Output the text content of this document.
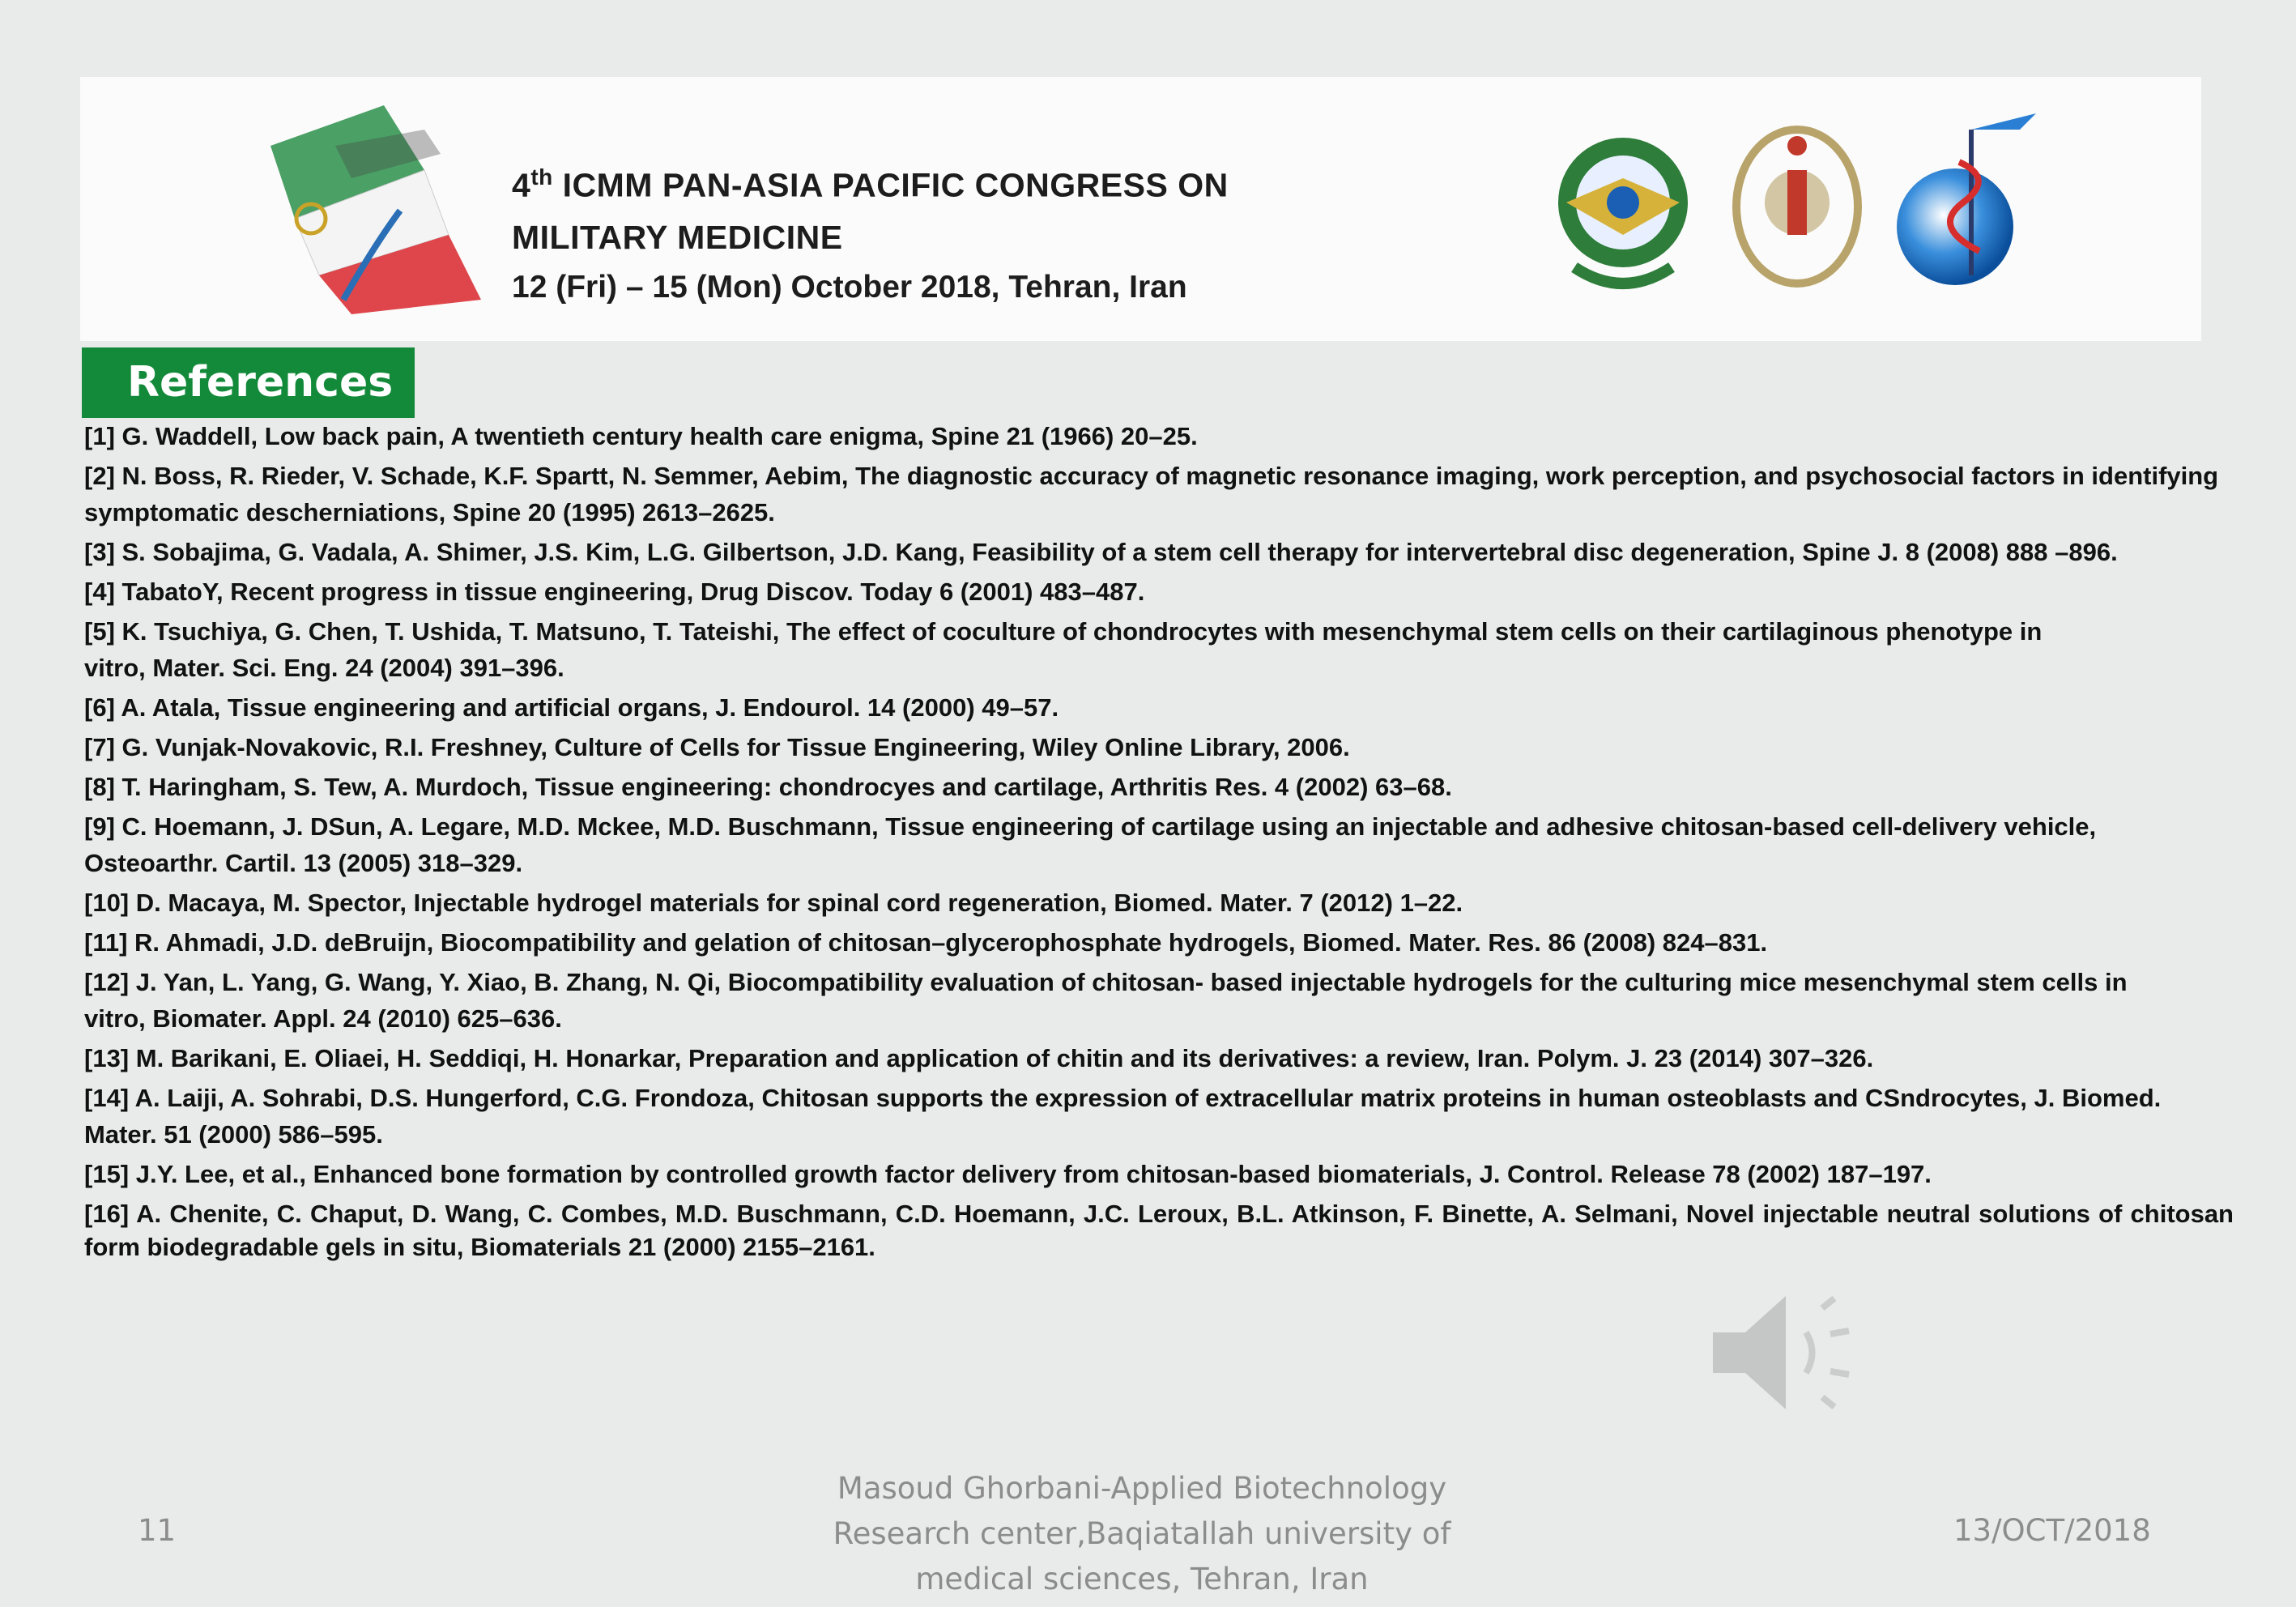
4th ICMM PAN-ASIA PACIFIC CONGRESS ON
MILITARY MEDICINE
12 (Fri) – 15 (Mon) October 2018, Tehran, Iran
References
[1] G. Waddell, Low back pain, A twentieth century health care enigma, Spine 21 (1966) 20–25.
[2] N. Boss, R. Rieder, V. Schade, K.F. Spartt, N. Semmer, Aebim, The diagnostic accuracy of magnetic resonance imaging, work perception, and psychosocial factors in identifying
symptomatic descherniations, Spine 20 (1995) 2613–2625.
[3] S. Sobajima, G. Vadala, A. Shimer, J.S. Kim, L.G. Gilbertson, J.D. Kang, Feasibility of a stem cell therapy for intervertebral disc degeneration, Spine J. 8 (2008) 888 –896.
[4] TabatoY, Recent progress in tissue engineering, Drug Discov. Today 6 (2001) 483–487.
[5] K. Tsuchiya, G. Chen, T. Ushida, T. Matsuno, T. Tateishi, The effect of coculture of chondrocytes with mesenchymal stem cells on their cartilaginous phenotype in
vitro, Mater. Sci. Eng. 24 (2004) 391–396.
[6] A. Atala, Tissue engineering and artificial organs, J. Endourol. 14 (2000) 49–57.
[7] G. Vunjak-Novakovic, R.I. Freshney, Culture of Cells for Tissue Engineering, Wiley Online Library, 2006.
[8] T. Haringham, S. Tew, A. Murdoch, Tissue engineering: chondrocyes and cartilage, Arthritis Res. 4 (2002) 63–68.
[9] C. Hoemann, J. DSun, A. Legare, M.D. Mckee, M.D. Buschmann, Tissue engineering of cartilage using an injectable and adhesive chitosan-based cell-delivery vehicle,
Osteoarthr. Cartil. 13 (2005) 318–329.
[10] D. Macaya, M. Spector, Injectable hydrogel materials for spinal cord regeneration, Biomed. Mater. 7 (2012) 1–22.
[11] R. Ahmadi, J.D. deBruijn, Biocompatibility and gelation of chitosan–glycerophosphate hydrogels, Biomed. Mater. Res. 86 (2008) 824–831.
[12] J. Yan, L. Yang, G. Wang, Y. Xiao, B. Zhang, N. Qi, Biocompatibility evaluation of chitosan- based injectable hydrogels for the culturing mice mesenchymal stem cells in
vitro, Biomater. Appl. 24 (2010) 625–636.
[13] M. Barikani, E. Oliaei, H. Seddiqi, H. Honarkar, Preparation and application of chitin and its derivatives: a review, Iran. Polym. J. 23 (2014) 307–326.
[14] A. Laiji, A. Sohrabi, D.S. Hungerford, C.G. Frondoza, Chitosan supports the expression of extracellular matrix proteins in human osteoblasts and CSndrocytes, J. Biomed.
Mater. 51 (2000) 586–595.
[15] J.Y. Lee, et al., Enhanced bone formation by controlled growth factor delivery from chitosan-based biomaterials, J. Control. Release 78 (2002) 187–197.
[16] A. Chenite, C. Chaput, D. Wang, C. Combes, M.D. Buschmann, C.D. Hoemann, J.C. Leroux, B.L. Atkinson, F. Binette, A. Selmani, Novel injectable neutral solutions of chitosan form biodegradable gels in situ, Biomaterials 21 (2000) 2155–2161.
11
Masoud Ghorbani-Applied Biotechnology
Research center,Baqiatallah university of
medical sciences, Tehran, Iran
13/OCT/2018
